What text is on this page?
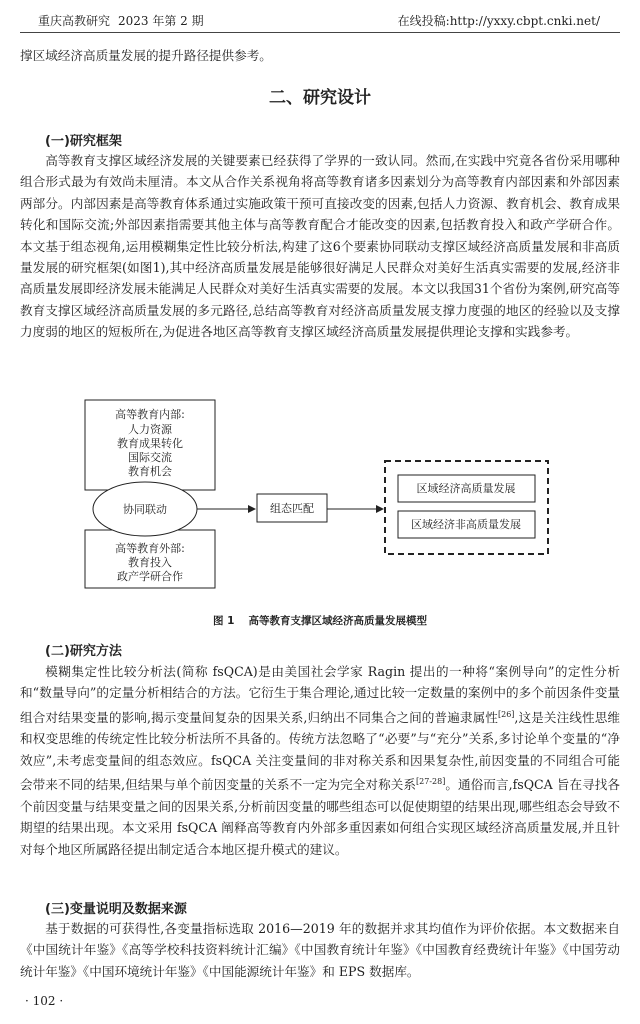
重庆高教研究 2023 年第 2 期	在线投稿:http://yxxy.cbpt.cnki.net/
撑区域经济高质量发展的提升路径提供参考。
二、研究设计
(一)研究框架
高等教育支撑区域经济发展的关键要素已经获得了学界的一致认同。然而,在实践中究竟各省份采用哪种组合形式最为有效尚未厘清。本文从合作关系视角将高等教育诸多因素划分为高等教育内部因素和外部因素两部分。内部因素是高等教育体系通过实施政策干预可直接改变的因素,包括人力资源、教育机会、教育成果转化和国际交流;外部因素指需要其他主体与高等教育配合才能改变的因素,包括教育投入和政产学研合作。本文基于组态视角,运用模糊集定性比较分析法,构建了这6个要素协同联动支撑区域经济高质量发展和非高质量发展的研究框架(如图1),其中经济高质量发展是能够很好满足人民群众对美好生活真实需要的发展,经济非高质量发展即经济发展未能满足人民群众对美好生活真实需要的发展。本文以我国31个省份为案例,研究高等教育支撑区域经济高质量发展的多元路径,总结高等教育对经济高质量发展支撑力度强的地区的经验以及支撑力度弱的地区的短板所在,为促进各地区高等教育支撑区域经济高质量发展提供理论支撑和实践参考。
高等教育内部:
人力资源
教育成果转化
国际交流
教育机会
高等教育外部:
教育投入
政产学研合作
协同联动	组态匹配
区域经济高质量发展
区域经济非高质量发展
图 1 高等教育支撑区域经济高质量发展模型
(二)研究方法
模糊集定性比较分析法(简称 fsQCA)是由美国社会学家 Ragin 提出的一种将“案例导向”的定性分析和“数量导向”的定量分析相结合的方法。它衍生于集合理论,通过比较一定数量的案例中的多个前因条件变量组合对结果变量的影响,揭示变量间复杂的因果关系,归纳出不同集合之间的普遍隶属性[26],这是关注线性思维和权变思维的传统定性比较分析法所不具备的。传统方法忽略了“必要”与“充分”关系,多讨论单个变量的“净效应”,未考虑变量间的组态效应。fsQCA 关注变量间的非对称关系和因果复杂性,前因变量的不同组合可能会带来不同的结果,但结果与单个前因变量的关系不一定为完全对称关系[27-28]。通俗而言,fsQCA 旨在寻找各个前因变量与结果变量之间的因果关系,分析前因变量的哪些组态可以促使期望的结果出现,哪些组态会导致不期望的结果出现。本文采用 fsQCA 阐释高等教育内外部多重因素如何组合实现区域经济高质量发展,并且针对每个地区所属路径提出制定适合本地区提升模式的建议。
(三)变量说明及数据来源
基于数据的可获得性,各变量指标选取 2016—2019 年的数据并求其均值作为评价依据。本文数据来自《中国统计年鉴》《高等学校科技资料统计汇编》《中国教育统计年鉴》《中国教育经费统计年鉴》《中国劳动统计年鉴》《中国环境统计年鉴》《中国能源统计年鉴》和 EPS 数据库。
· 102 ·
